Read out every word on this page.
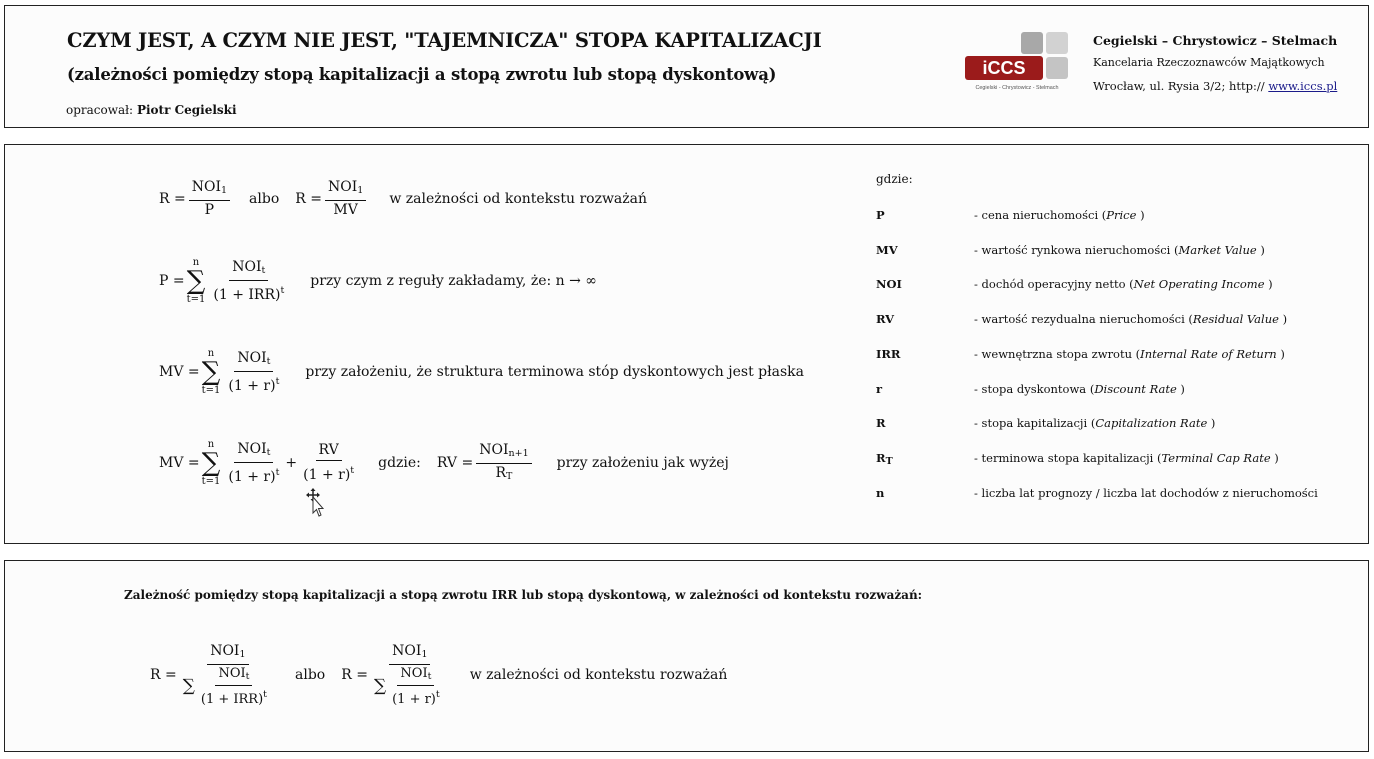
CZYM JEST, A CZYM NIE JEST, "TAJEMNICZA" STOPA KAPITALIZACJI
(zależności pomiędzy stopą kapitalizacji a stopą zwrotu lub stopą dyskontową)
opracował: Piotr Cegielski
iCCS
Cegielski - Chrystowicz - Stelmach
Cegielski – Chrystowicz – Stelmach
Kancelaria Rzeczoznawców Majątkowych
Wrocław, ul. Rysia 3/2; http:// www.iccs.pl
$R = \frac{NOI_1}{P}$ albo $R = \frac{NOI_1}{MV}$ w zależności od kontekstu rozważań
P =
n
∑
$t=1 \frac{NOI_t}{(1 + IRR)^t}$ przy czym z reguły zakładamy, że: n → ∞
MV =
n
∑
$t=1 \frac{NOI_t}{(1 + r)^t}$ przy założeniu, że struktura terminowa stóp dyskontowych jest płaska
MV =
n
∑
$t=1 \frac{NOI_t}{(1 + r)^t} + \frac{RV}{(1 + r)^t}$ gdzie: RV = $\frac{NOI_{n+1}}{R_T}$ przy założeniu jak wyżej
gdzie:
P	- cena nieruchomości (Price )
MV	- wartość rynkowa nieruchomości (Market Value )
NOI	- dochód operacyjny netto (Net Operating Income )
RV	- wartość rezydualna nieruchomości (Residual Value )
IRR	- wewnętrzna stopa zwrotu (Internal Rate of Return )
r	- stopa dyskontowa (Discount Rate )
R	- stopa kapitalizacji (Capitalization Rate )
$R_T$	- terminowa stopa kapitalizacji (Terminal Cap Rate )
n	- liczba lat prognozy / liczba lat dochodów z nieruchomości
Zależność pomiędzy stopą kapitalizacji a stopą zwrotu IRR lub stopą dyskontową, w zależności od kontekstu rozważań:
$R = \frac{NOI_1}{\sum \frac{NOI_t}{(1 + IRR)^t}}$ albo $R = \frac{NOI_1}{\sum \frac{NOI_t}{(1 + r)^t}}$ w zależności od kontekstu rozważań
